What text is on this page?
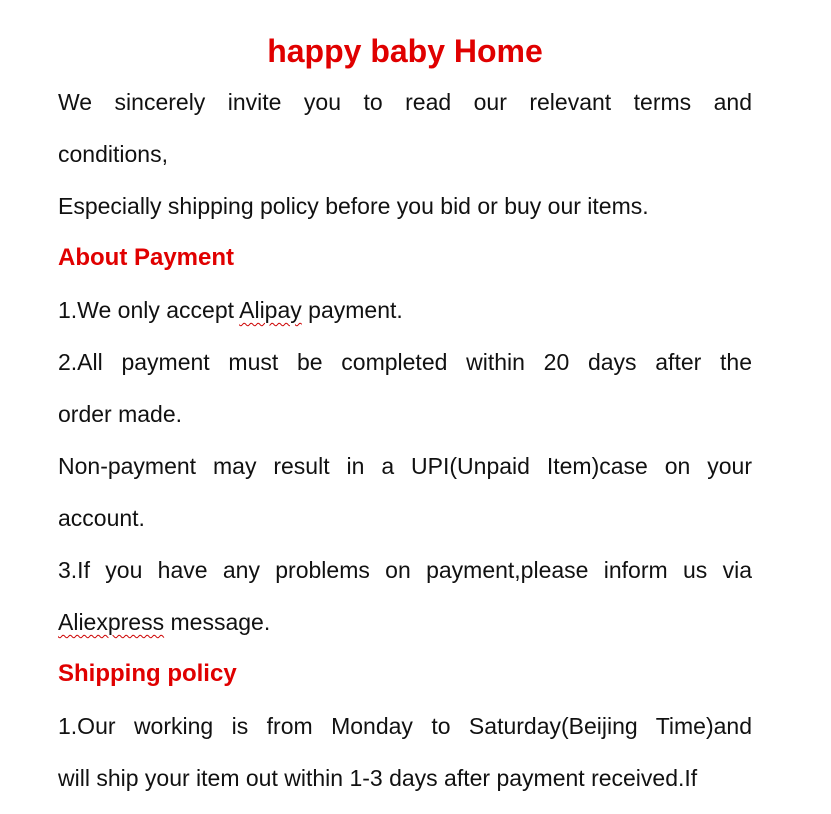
happy baby Home

We sincerely invite you to read our relevant terms and

conditions,

Especially shipping policy before you bid or buy our items.

About Payment

1.We only accept Alipay payment.

2.All payment must be completed within 20 days after the

order made.

Non-payment may result in a UPI(Unpaid Item)case on your

account.

3.If you have any problems on payment,please inform us via

Aliexpress message.

Shipping policy

1.Our working is from Monday to Saturday(Beijing Time)and

will ship your item out within 1-3 days after payment received.If
